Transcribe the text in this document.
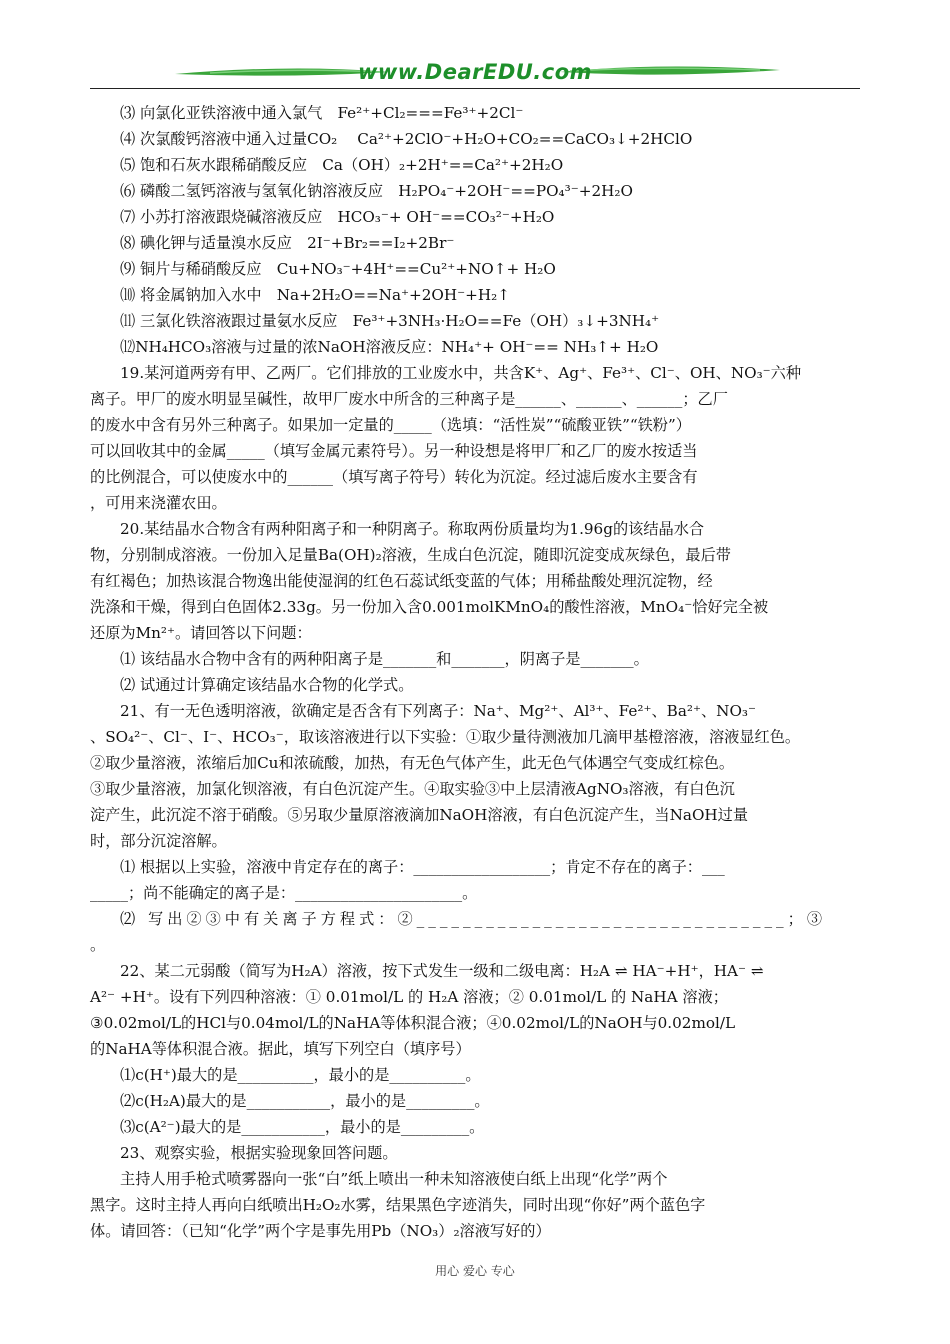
www.DearEDU.com
⑶ 向氯化亚铁溶液中通入氯气　Fe²⁺+Cl₂===Fe³⁺+2Cl⁻
⑷ 次氯酸钙溶液中通入过量CO₂　 Ca²⁺+2ClO⁻+H₂O+CO₂==CaCO₃↓+2HClO
⑸ 饱和石灰水跟稀硝酸反应　Ca（OH）₂+2H⁺==Ca²⁺+2H₂O
⑹ 磷酸二氢钙溶液与氢氧化钠溶液反应　H₂PO₄⁻+2OH⁻==PO₄³⁻+2H₂O
⑺ 小苏打溶液跟烧碱溶液反应　HCO₃⁻+ OH⁻==CO₃²⁻+H₂O
⑻ 碘化钾与适量溴水反应　2I⁻+Br₂==I₂+2Br⁻
⑼ 铜片与稀硝酸反应　Cu+NO₃⁻+4H⁺==Cu²⁺+NO↑+ H₂O
⑽ 将金属钠加入水中　Na+2H₂O==Na⁺+2OH⁻+H₂↑
⑾ 三氯化铁溶液跟过量氨水反应　Fe³⁺+3NH₃·H₂O==Fe（OH）₃↓+3NH₄⁺
⑿NH₄HCO₃溶液与过量的浓NaOH溶液反应：NH₄⁺+ OH⁻== NH₃↑+ H₂O
19.某河道两旁有甲、乙两厂。它们排放的工业废水中，共含K⁺、Ag⁺、Fe³⁺、Cl⁻、OH、NO₃⁻六种
离子。甲厂的废水明显呈碱性，故甲厂废水中所含的三种离子是______、______、______；乙厂
的废水中含有另外三种离子。如果加一定量的_____（选填：“活性炭”“硫酸亚铁”“铁粉”）
可以回收其中的金属_____（填写金属元素符号）。另一种设想是将甲厂和乙厂的废水按适当
的比例混合，可以使废水中的______（填写离子符号）转化为沉淀。经过滤后废水主要含有
，可用来浇灌农田。
20.某结晶水合物含有两种阳离子和一种阴离子。称取两份质量均为1.96g的该结晶水合
物，分别制成溶液。一份加入足量Ba(OH)₂溶液，生成白色沉淀，随即沉淀变成灰绿色，最后带
有红褐色；加热该混合物逸出能使湿润的红色石蕊试纸变蓝的气体；用稀盐酸处理沉淀物，经
洗涤和干燥，得到白色固体2.33g。另一份加入含0.001molKMnO₄的酸性溶液，MnO₄⁻恰好完全被
还原为Mn²⁺。请回答以下问题：
⑴ 该结晶水合物中含有的两种阳离子是_______和_______，阴离子是_______。
⑵ 试通过计算确定该结晶水合物的化学式。
21、有一无色透明溶液，欲确定是否含有下列离子：Na⁺、Mg²⁺、Al³⁺、Fe²⁺、Ba²⁺、NO₃⁻
、SO₄²⁻、Cl⁻、I⁻、HCO₃⁻，取该溶液进行以下实验：①取少量待测液加几滴甲基橙溶液，溶液显红色。
②取少量溶液，浓缩后加Cu和浓硫酸，加热，有无色气体产生，此无色气体遇空气变成红棕色。
③取少量溶液，加氯化钡溶液，有白色沉淀产生。④取实验③中上层清液AgNO₃溶液，有白色沉
淀产生，此沉淀不溶于硝酸。⑤另取少量原溶液滴加NaOH溶液，有白色沉淀产生，当NaOH过量
时，部分沉淀溶解。
⑴ 根据以上实验，溶液中肯定存在的离子：__________________；肯定不存在的离子：___
_____；尚不能确定的离子是：______________________。
⑵ 写出②③中有关离子方程式：②________________________________；③
。
22、某二元弱酸（简写为H₂A）溶液，按下式发生一级和二级电离：H₂A ⇌ HA⁻+H⁺，HA⁻ ⇌
A²⁻ +H⁺。设有下列四种溶液：① 0.01mol/L 的 H₂A 溶液；② 0.01mol/L 的 NaHA 溶液；
③0.02mol/L的HCl与0.04mol/L的NaHA等体积混合液；④0.02mol/L的NaOH与0.02mol/L
的NaHA等体积混合液。据此，填写下列空白（填序号）
⑴c(H⁺)最大的是__________，最小的是__________。
⑵c(H₂A)最大的是___________，最小的是_________。
⑶c(A²⁻)最大的是___________，最小的是_________。
23、观察实验，根据实验现象回答问题。
主持人用手枪式喷雾器向一张“白”纸上喷出一种未知溶液使白纸上出现“化学”两个
黑字。这时主持人再向白纸喷出H₂O₂水雾，结果黑色字迹消失，同时出现“你好”两个蓝色字
体。请回答：（已知“化学”两个字是事先用Pb（NO₃）₂溶液写好的）
用心 爱心 专心
